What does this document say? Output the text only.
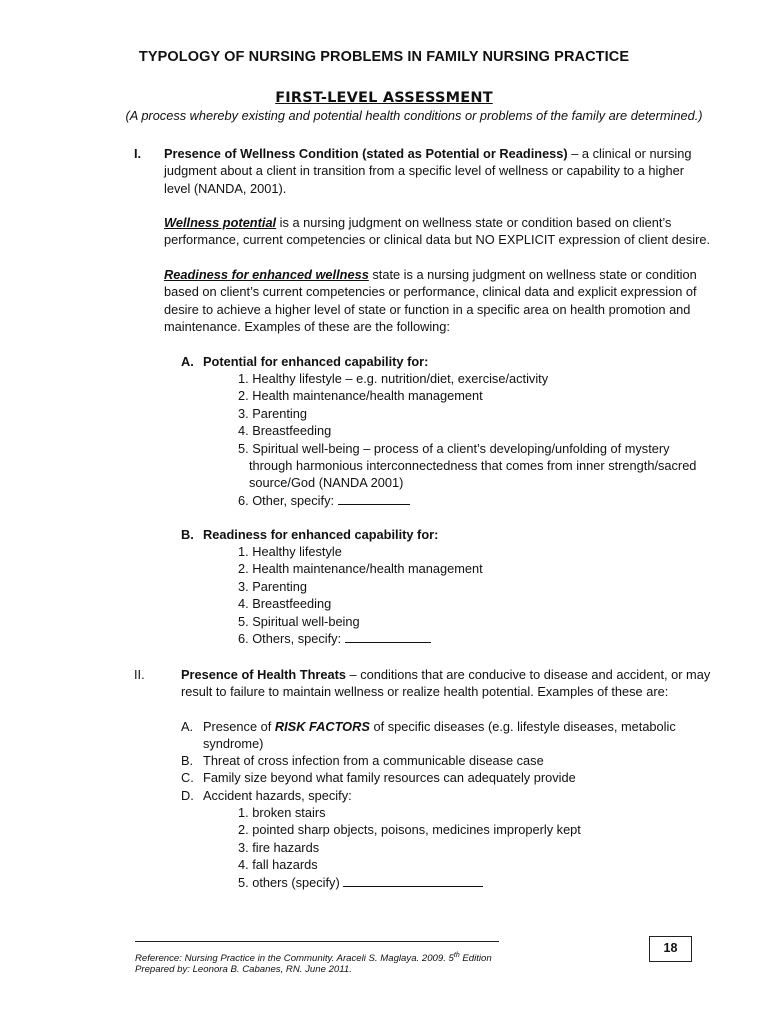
TYPOLOGY OF NURSING PROBLEMS IN FAMILY NURSING PRACTICE
FIRST-LEVEL ASSESSMENT
(A process whereby existing and potential health conditions or problems of the family are determined.)
I. Presence of Wellness Condition (stated as Potential or Readiness) – a clinical or nursing
judgment about a client in transition from a specific level of wellness or capability to a higher
level (NANDA, 2001).
Wellness potential is a nursing judgment on wellness state or condition based on client’s
performance, current competencies or clinical data but NO EXPLICIT expression of client desire.
Readiness for enhanced wellness state is a nursing judgment on wellness state or condition
based on client’s current competencies or performance, clinical data and explicit expression of
desire to achieve a higher level of state or function in a specific area on health promotion and
maintenance. Examples of these are the following:
A. Potential for enhanced capability for:
1. Healthy lifestyle – e.g. nutrition/diet, exercise/activity
2. Health maintenance/health management
3. Parenting
4. Breastfeeding
5. Spiritual well-being – process of a client’s developing/unfolding of mystery
through harmonious interconnectedness that comes from inner strength/sacred
source/God (NANDA 2001)
6. Other, specify:
B. Readiness for enhanced capability for:
1. Healthy lifestyle
2. Health maintenance/health management
3. Parenting
4. Breastfeeding
5. Spiritual well-being
6. Others, specify:
II.	Presence of Health Threats – conditions that are conducive to disease and accident, or may
result to failure to maintain wellness or realize health potential. Examples of these are:
A. Presence of RISK FACTORS of specific diseases (e.g. lifestyle diseases, metabolic
syndrome)
B. Threat of cross infection from a communicable disease case
C. Family size beyond what family resources can adequately provide
D. Accident hazards, specify:
1. broken stairs
2. pointed sharp objects, poisons, medicines improperly kept
3. fire hazards
4. fall hazards
5. others (specify)
Reference: Nursing Practice in the Community. Araceli S. Maglaya. 2009. 5th Edition
Prepared by: Leonora B. Cabanes, RN. June 2011.
18
